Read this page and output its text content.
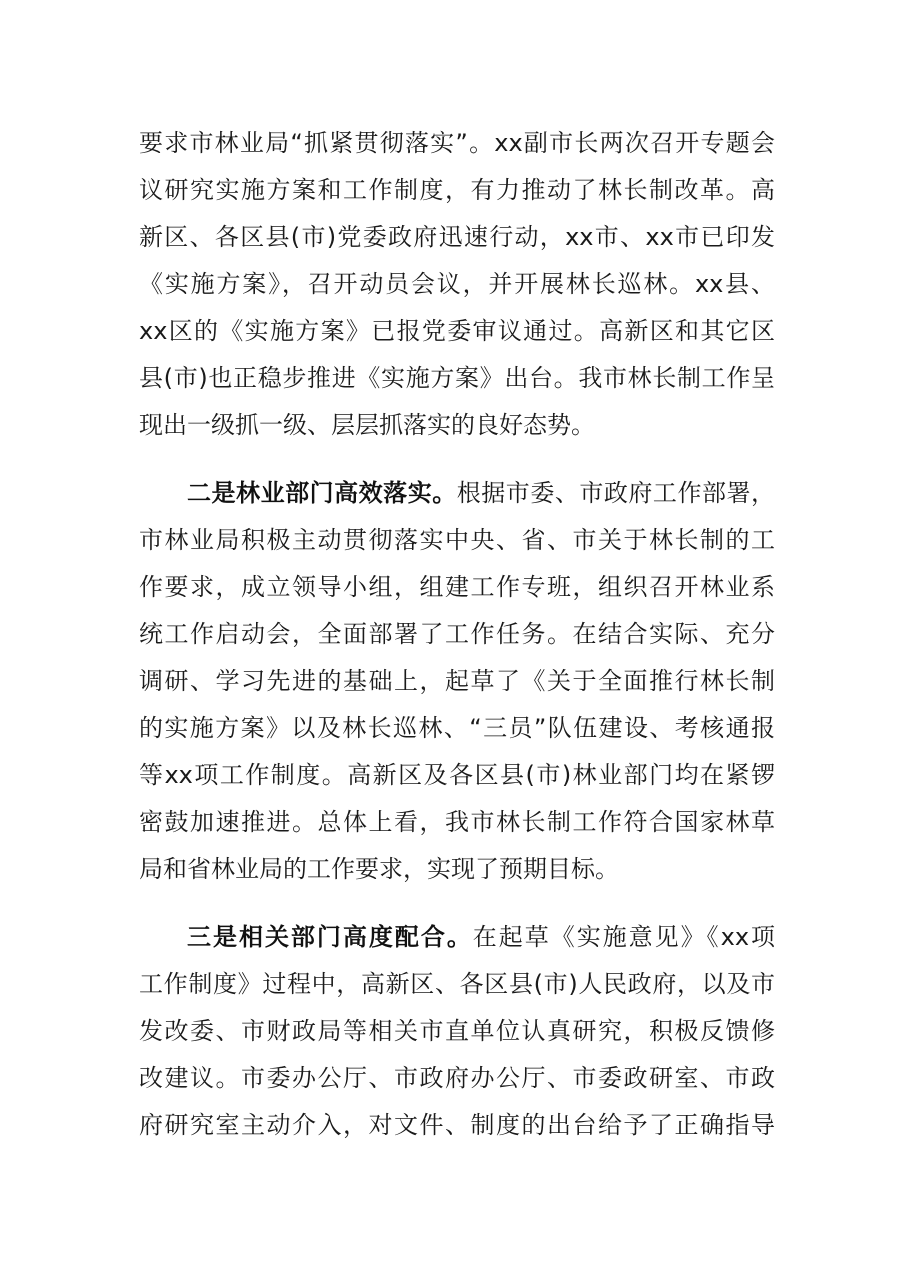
要求市林业局“抓紧贯彻落实”。xx副市长两次召开专题会
议研究实施方案和工作制度，有力推动了林长制改革。高
新区、各区县(市)党委政府迅速行动，xx市、xx市已印发
《实施方案》，召开动员会议，并开展林长巡林。xx县、
xx区的《实施方案》已报党委审议通过。高新区和其它区
县(市)也正稳步推进《实施方案》出台。我市林长制工作呈
现出一级抓一级、层层抓落实的良好态势。
二是林业部门高效落实。根据市委、市政府工作部署，
市林业局积极主动贯彻落实中央、省、市关于林长制的工
作要求，成立领导小组，组建工作专班，组织召开林业系
统工作启动会，全面部署了工作任务。在结合实际、充分
调研、学习先进的基础上，起草了《关于全面推行林长制
的实施方案》以及林长巡林、“三员”队伍建设、考核通报
等xx项工作制度。高新区及各区县(市)林业部门均在紧锣
密鼓加速推进。总体上看，我市林长制工作符合国家林草
局和省林业局的工作要求，实现了预期目标。
三是相关部门高度配合。在起草《实施意见》《xx项
工作制度》过程中，高新区、各区县(市)人民政府，以及市
发改委、市财政局等相关市直单位认真研究，积极反馈修
改建议。市委办公厅、市政府办公厅、市委政研室、市政
府研究室主动介入，对文件、制度的出台给予了正确指导
